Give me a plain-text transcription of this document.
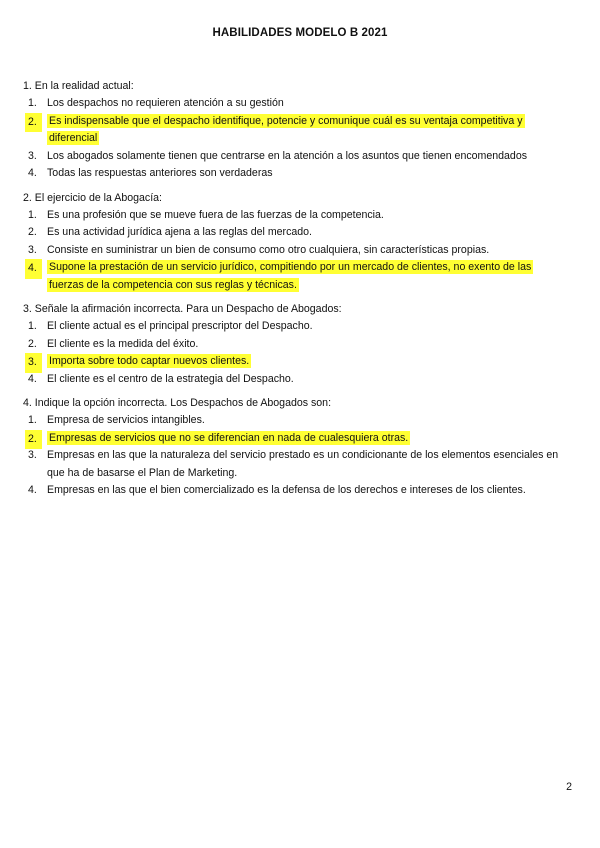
HABILIDADES MODELO B 2021
1. En la realidad actual:
1. Los despachos no requieren atención a su gestión
2.	Es indispensable que el despacho identifique, potencie y comunique cuál es su ventaja competitiva y diferencial
3. Los abogados solamente tienen que centrarse en la atención a los asuntos que tienen encomendados
4. Todas las respuestas anteriores son verdaderas
2. El ejercicio de la Abogacía:
1. Es una profesión que se mueve fuera de las fuerzas de la competencia.
2. Es una actividad jurídica ajena a las reglas del mercado.
3. Consiste en suministrar un bien de consumo como otro cualquiera, sin características propias.
4.	Supone la prestación de un servicio jurídico, compitiendo por un mercado de clientes, no exento de las fuerzas de la competencia con sus reglas y técnicas.
3. Señale la afirmación incorrecta. Para un Despacho de Abogados:
1. El cliente actual es el principal prescriptor del Despacho.
2. El cliente es la medida del éxito.
3.	Importa sobre todo captar nuevos clientes.
4. El cliente es el centro de la estrategia del Despacho.
4. Indique la opción incorrecta. Los Despachos de Abogados son:
1. Empresa de servicios intangibles.
2.	Empresas de servicios que no se diferencian en nada de cualesquiera otras.
3. Empresas en las que la naturaleza del servicio prestado es un condicionante de los elementos esenciales en que ha de basarse el Plan de Marketing.
4. Empresas en las que el bien comercializado es la defensa de los derechos e intereses de los clientes.
2
